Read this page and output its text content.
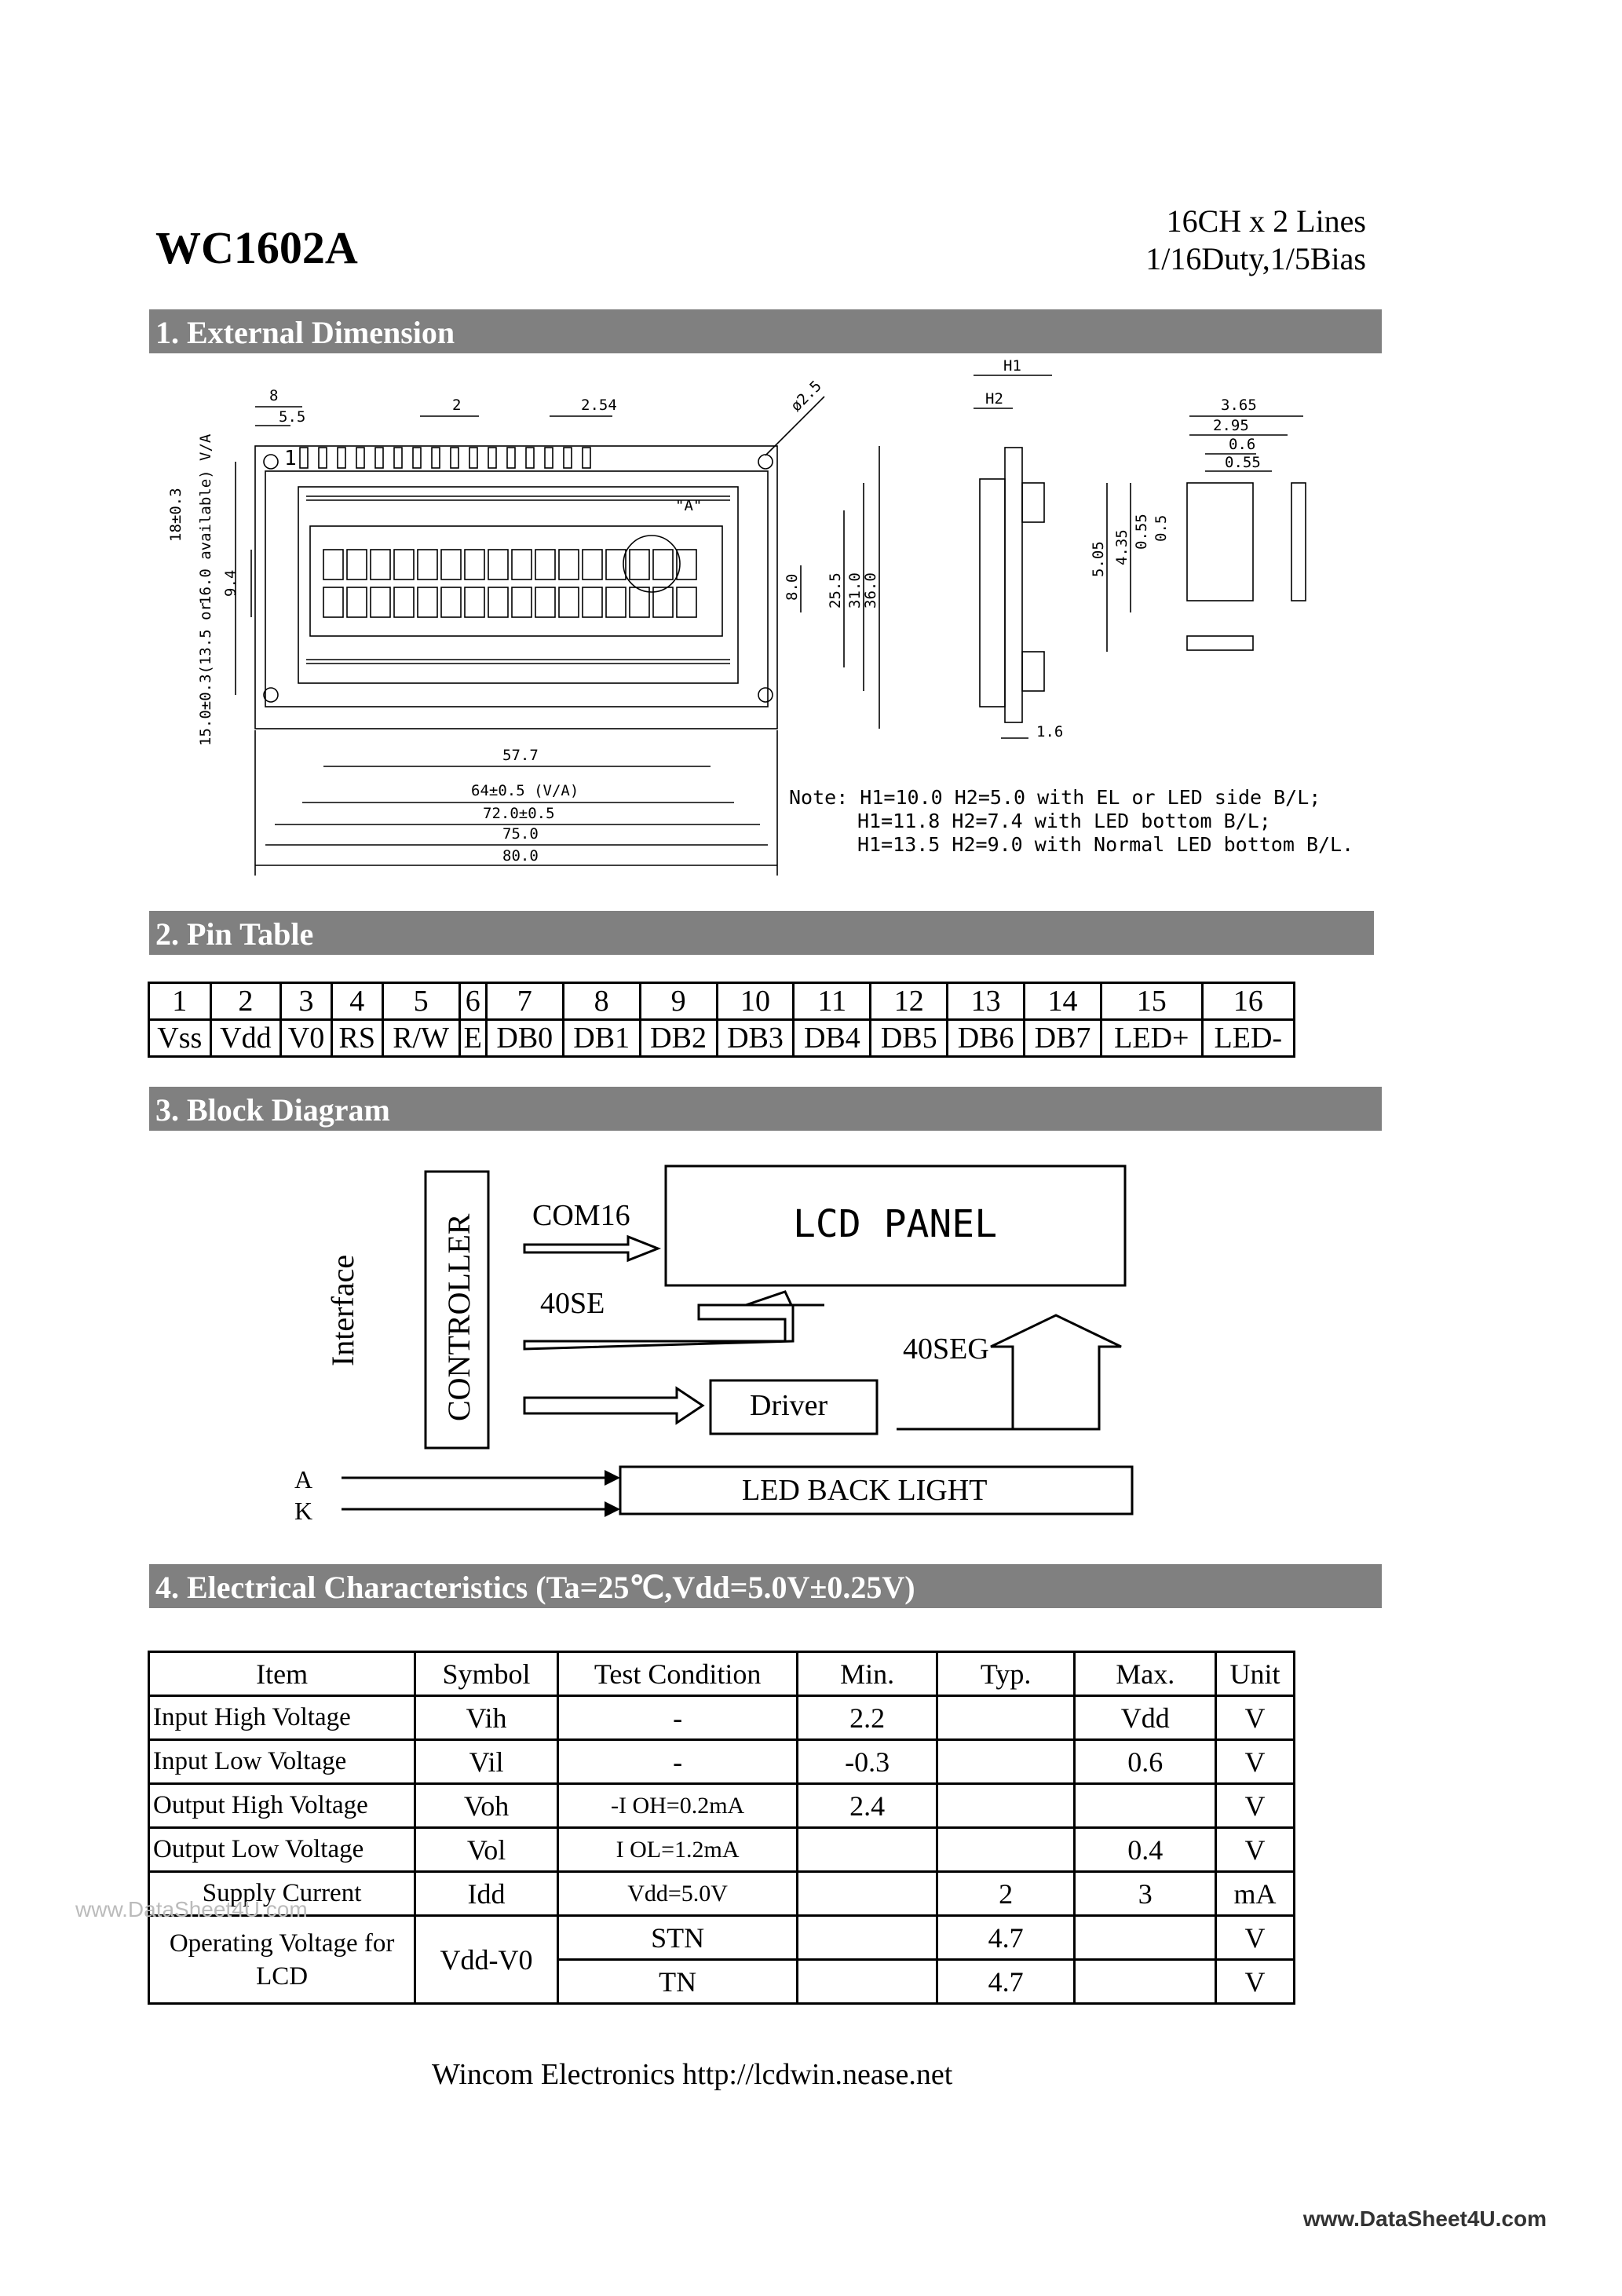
WC1602A
16CH x 2 Lines
1/16Duty,1/5Bias
1. External Dimension
8
5.5
2	2.54	ø2.5
1
"A"
57.7
64±0.5 (V/A)
72.0±0.5
75.0
80.0
8.0 25.5 31.0
36.0
9.4
18±0.3 16.0 available) V/A
15.0±0.3(13.5 or
H1
H2
1.6
3.65
2.95
0.6
0.55
5.05 4.35 0.55 0.5
Note: H1=10.0 H2=5.0 with EL or LED side B/L;
H1=11.8 H2=7.4 with LED bottom B/L;
H1=13.5 H2=9.0 with Normal LED bottom B/L.
2. Pin Table
1	2	3	4	5	6	7	8	9	10	11	12	13	14	15	16
Vss	Vdd	V0	RS	R/W	E	DB0	DB1	DB2	DB3	DB4	DB5	DB6	DB7	LED+	LED-
3. Block Diagram
Interface	CONTROLLER COM16
40SE
40SEG
LCD PANEL
Driver
A
K
LED BACK LIGHT
4. Electrical Characteristics (Ta=25℃,Vdd=5.0V±0.25V)
Item	Symbol	Test Condition	Min.	Typ.	Max.	Unit
Input High Voltage	Vih	-	2.2		Vdd	V
Input Low Voltage	Vil	-	-0.3		0.6	V
Output High Voltage	Voh	-I OH=0.2mA	2.4			V
Output Low Voltage	Vol	I OL=1.2mA			0.4	V
Supply Current	Idd	Vdd=5.0V		2	3	mA
Operating Voltage for LCD	Vdd-V0	STN		4.7		V
		TN		4.7		V
www.DataSheet4U.com
Wincom Electronics http://lcdwin.nease.net
www.DataSheet4U.com
